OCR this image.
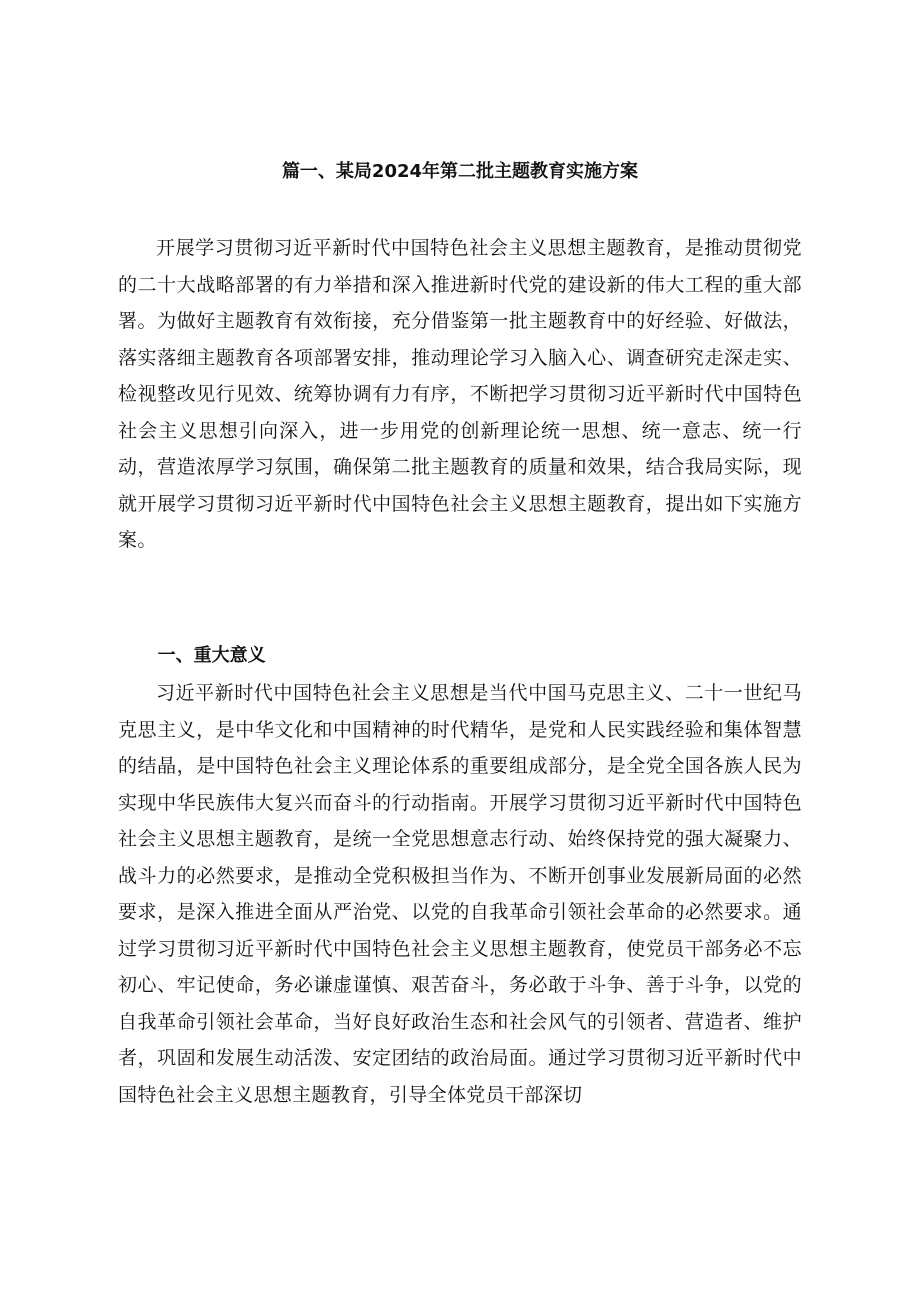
篇一、某局2024年第二批主题教育实施方案

开展学习贯彻习近平新时代中国特色社会主义思想主题教育，是推动贯彻党的二十大战略部署的有力举措和深入推进新时代党的建设新的伟大工程的重大部署。为做好主题教育有效衔接，充分借鉴第一批主题教育中的好经验、好做法，落实落细主题教育各项部署安排，推动理论学习入脑入心、调查研究走深走实、检视整改见行见效、统筹协调有力有序，不断把学习贯彻习近平新时代中国特色社会主义思想引向深入，进一步用党的创新理论统一思想、统一意志、统一行动，营造浓厚学习氛围，确保第二批主题教育的质量和效果，结合我局实际，现就开展学习贯彻习近平新时代中国特色社会主义思想主题教育，提出如下实施方案。

一、重大意义

习近平新时代中国特色社会主义思想是当代中国马克思主义、二十一世纪马克思主义，是中华文化和中国精神的时代精华，是党和人民实践经验和集体智慧的结晶，是中国特色社会主义理论体系的重要组成部分，是全党全国各族人民为实现中华民族伟大复兴而奋斗的行动指南。开展学习贯彻习近平新时代中国特色社会主义思想主题教育，是统一全党思想意志行动、始终保持党的强大凝聚力、战斗力的必然要求，是推动全党积极担当作为、不断开创事业发展新局面的必然要求，是深入推进全面从严治党、以党的自我革命引领社会革命的必然要求。通过学习贯彻习近平新时代中国特色社会主义思想主题教育，使党员干部务必不忘初心、牢记使命，务必谦虚谨慎、艰苦奋斗，务必敢于斗争、善于斗争，以党的自我革命引领社会革命，当好良好政治生态和社会风气的引领者、营造者、维护者，巩固和发展生动活泼、安定团结的政治局面。通过学习贯彻习近平新时代中国特色社会主义思想主题教育，引导全体党员干部深切
